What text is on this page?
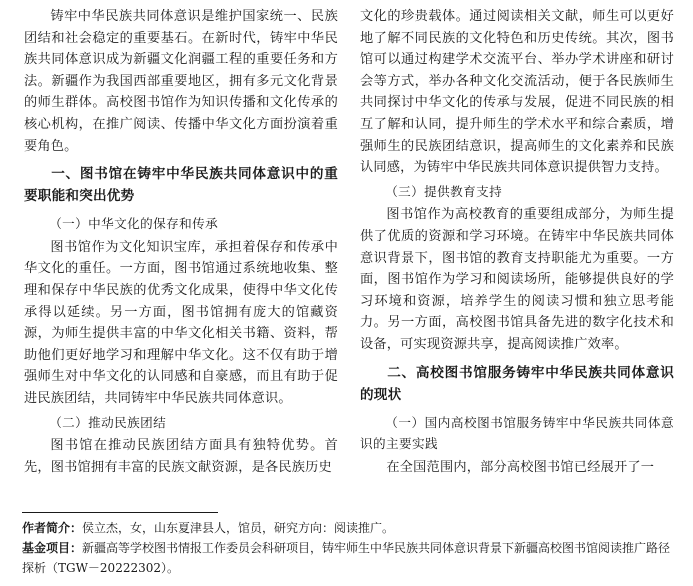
铸牢中华民族共同体意识是维护国家统一、民族团结和社会稳定的重要基石。在新时代，铸牢中华民族共同体意识成为新疆文化润疆工程的重要任务和方法。新疆作为我国西部重要地区，拥有多元文化背景的师生群体。高校图书馆作为知识传播和文化传承的核心机构，在推广阅读、传播中华文化方面扮演着重要角色。

一、图书馆在铸牢中华民族共同体意识中的重要职能和突出优势
（一）中华文化的保存和传承

图书馆作为文化知识宝库，承担着保存和传承中华文化的重任。一方面，图书馆通过系统地收集、整理和保存中华民族的优秀文化成果，使得中华文化传承得以延续。另一方面，图书馆拥有庞大的馆藏资源，为师生提供丰富的中华文化相关书籍、资料，帮助他们更好地学习和理解中华文化。这不仅有助于增强师生对中华文化的认同感和自豪感，而且有助于促进民族团结，共同铸牢中华民族共同体意识。

（二）推动民族团结

图书馆在推动民族团结方面具有独特优势。首先，图书馆拥有丰富的民族文献资源，是各民族历史

文化的珍贵载体。通过阅读相关文献，师生可以更好地了解不同民族的文化特色和历史传统。其次，图书馆可以通过构建学术交流平台、举办学术讲座和研讨会等方式，举办各种文化交流活动，便于各民族师生共同探讨中华文化的传承与发展，促进不同民族的相互了解和认同，提升师生的学术水平和综合素质，增强师生的民族团结意识，提高师生的文化素养和民族认同感，为铸牢中华民族共同体意识提供智力支持。

（三）提供教育支持

图书馆作为高校教育的重要组成部分，为师生提供了优质的资源和学习环境。在铸牢中华民族共同体意识背景下，图书馆的教育支持职能尤为重要。一方面，图书馆作为学习和阅读场所，能够提供良好的学习环境和资源，培养学生的阅读习惯和独立思考能力。另一方面，高校图书馆具备先进的数字化技术和设备，可实现资源共享，提高阅读推广效率。

二、高校图书馆服务铸牢中华民族共同体意识的现状
（一）国内高校图书馆服务铸牢中华民族共同体意识的主要实践

在全国范围内，部分高校图书馆已经展开了一

作者简介：侯立杰，女，山东夏津县人，馆员，研究方向：阅读推广。
基金项目：新疆高等学校图书情报工作委员会科研项目，铸牢师生中华民族共同体意识背景下新疆高校图书馆阅读推广路径探析（TGW－20222302）。
